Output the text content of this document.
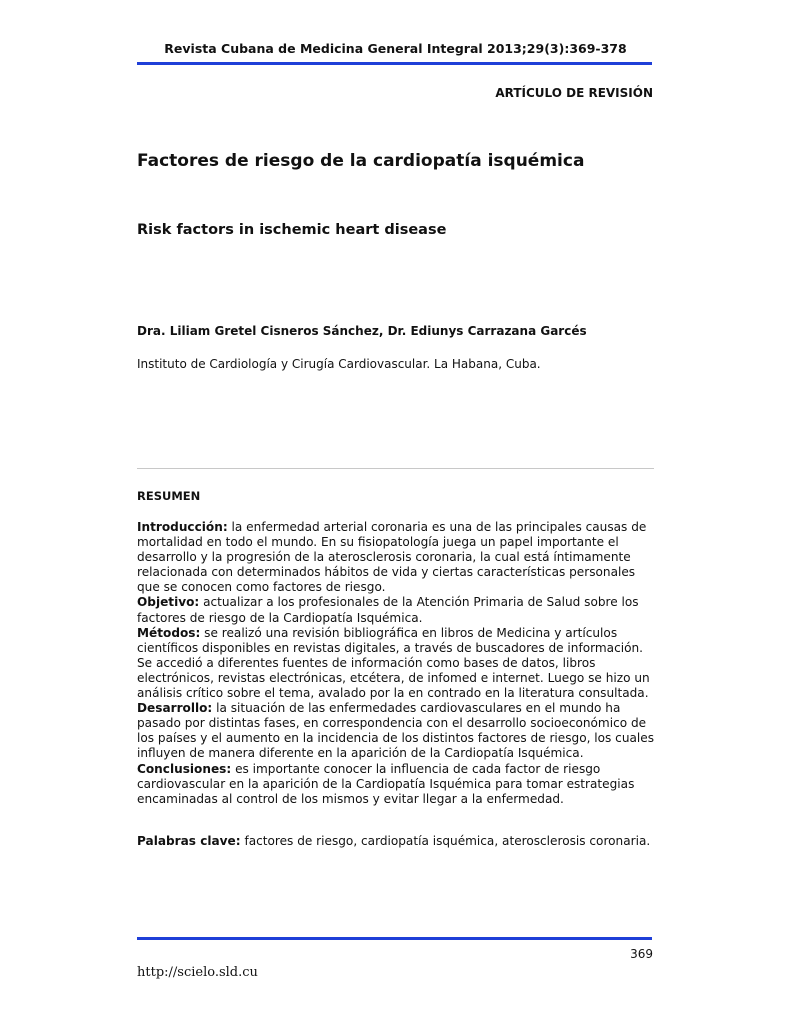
Revista Cubana de Medicina General Integral 2013;29(3):369-378
ARTÍCULO DE REVISIÓN
Factores de riesgo de la cardiopatía isquémica
Risk factors in ischemic heart disease
Dra. Liliam Gretel Cisneros Sánchez, Dr. Ediunys Carrazana Garcés
Instituto de Cardiología y Cirugía Cardiovascular. La Habana, Cuba.
RESUMEN

Introducción: la enfermedad arterial coronaria es una de las principales causas de mortalidad en todo el mundo. En su fisiopatología juega un papel importante el desarrollo y la progresión de la aterosclerosis coronaria, la cual está íntimamente relacionada con determinados hábitos de vida y ciertas características personales que se conocen como factores de riesgo.

Objetivo: actualizar a los profesionales de la Atención Primaria de Salud sobre los factores de riesgo de la Cardiopatía Isquémica.

Métodos: se realizó una revisión bibliográfica en libros de Medicina y artículos científicos disponibles en revistas digitales, a través de buscadores de información. Se accedió a diferentes fuentes de información como bases de datos, libros electrónicos, revistas electrónicas, etcétera, de infomed e internet. Luego se hizo un análisis crítico sobre el tema, avalado por la en contrado en la literatura consultada.

Desarrollo: la situación de las enfermedades cardiovasculares en el mundo ha pasado por distintas fases, en correspondencia con el desarrollo socioeconómico de los países y el aumento en la incidencia de los distintos factores de riesgo, los cuales influyen de manera diferente en la aparición de la Cardiopatía Isquémica.

Conclusiones: es importante conocer la influencia de cada factor de riesgo cardiovascular en la aparición de la Cardiopatía Isquémica para tomar estrategias encaminadas al control de los mismos y evitar llegar a la enfermedad.

Palabras clave: factores de riesgo, cardiopatía isquémica, aterosclerosis coronaria.
369
http://scielo.sld.cu
